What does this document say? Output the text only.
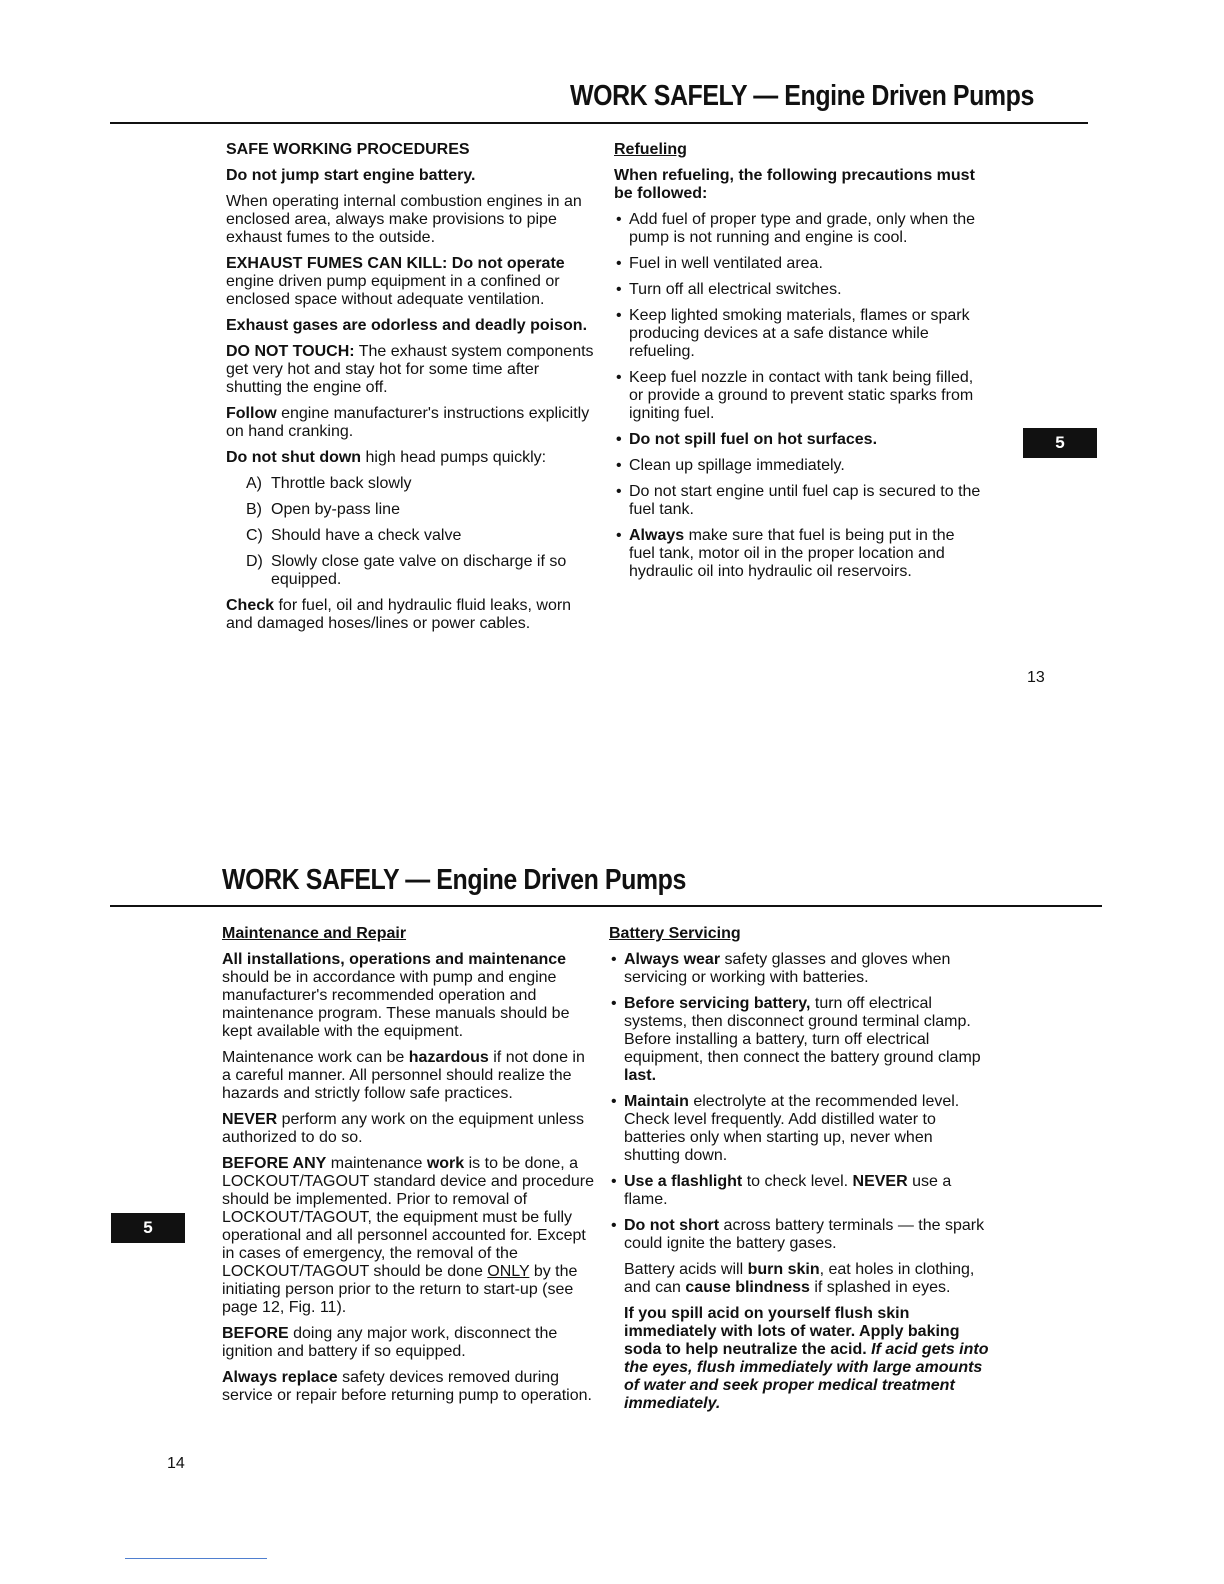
WORK SAFELY — Engine Driven Pumps

SAFE WORKING PROCEDURES

Do not jump start engine battery.

When operating internal combustion engines in an enclosed area, always make provisions to pipe exhaust fumes to the outside.

EXHAUST FUMES CAN KILL: Do not operate engine driven pump equipment in a confined or enclosed space without adequate ventilation.

Exhaust gases are odorless and deadly poison.

DO NOT TOUCH: The exhaust system components get very hot and stay hot for some time after shutting the engine off.

Follow engine manufacturer's instructions explicitly on hand cranking.

Do not shut down high head pumps quickly:

A) Throttle back slowly
B) Open by-pass line
C) Should have a check valve
D) Slowly close gate valve on discharge if so equipped.

Check for fuel, oil and hydraulic fluid leaks, worn and damaged hoses/lines or power cables.

Refueling

When refueling, the following precautions must be followed:

• Add fuel of proper type and grade, only when the pump is not running and engine is cool.
• Fuel in well ventilated area.
• Turn off all electrical switches.
• Keep lighted smoking materials, flames or spark producing devices at a safe distance while refueling.
• Keep fuel nozzle in contact with tank being filled, or provide a ground to prevent static sparks from igniting fuel.
• Do not spill fuel on hot surfaces.
• Clean up spillage immediately.
• Do not start engine until fuel cap is secured to the fuel tank.
• Always make sure that fuel is being put in the fuel tank, motor oil in the proper location and hydraulic oil into hydraulic oil reservoirs.
5
13
WORK SAFELY — Engine Driven Pumps

Maintenance and Repair

All installations, operations and maintenance should be in accordance with pump and engine manufacturer's recommended operation and maintenance program. These manuals should be kept available with the equipment.

Maintenance work can be hazardous if not done in a careful manner. All personnel should realize the hazards and strictly follow safe practices.

NEVER perform any work on the equipment unless authorized to do so.

BEFORE ANY maintenance work is to be done, a LOCKOUT/TAGOUT standard device and procedure should be implemented. Prior to removal of LOCKOUT/TAGOUT, the equipment must be fully operational and all personnel accounted for. Except in cases of emergency, the removal of the LOCKOUT/TAGOUT should be done ONLY by the initiating person prior to the return to start-up (see page 12, Fig. 11).

BEFORE doing any major work, disconnect the ignition and battery if so equipped.

Always replace safety devices removed during service or repair before returning pump to operation.

Battery Servicing

• Always wear safety glasses and gloves when servicing or working with batteries.
• Before servicing battery, turn off electrical systems, then disconnect ground terminal clamp. Before installing a battery, turn off electrical equipment, then connect the battery ground clamp last.
• Maintain electrolyte at the recommended level. Check level frequently. Add distilled water to batteries only when starting up, never when shutting down.
• Use a flashlight to check level. NEVER use a flame.
• Do not short across battery terminals — the spark could ignite the battery gases.

Battery acids will burn skin, eat holes in clothing, and can cause blindness if splashed in eyes.

If you spill acid on yourself flush skin immediately with lots of water. Apply baking soda to help neutralize the acid. If acid gets into the eyes, flush immediately with large amounts of water and seek proper medical treatment immediately.

5
14
